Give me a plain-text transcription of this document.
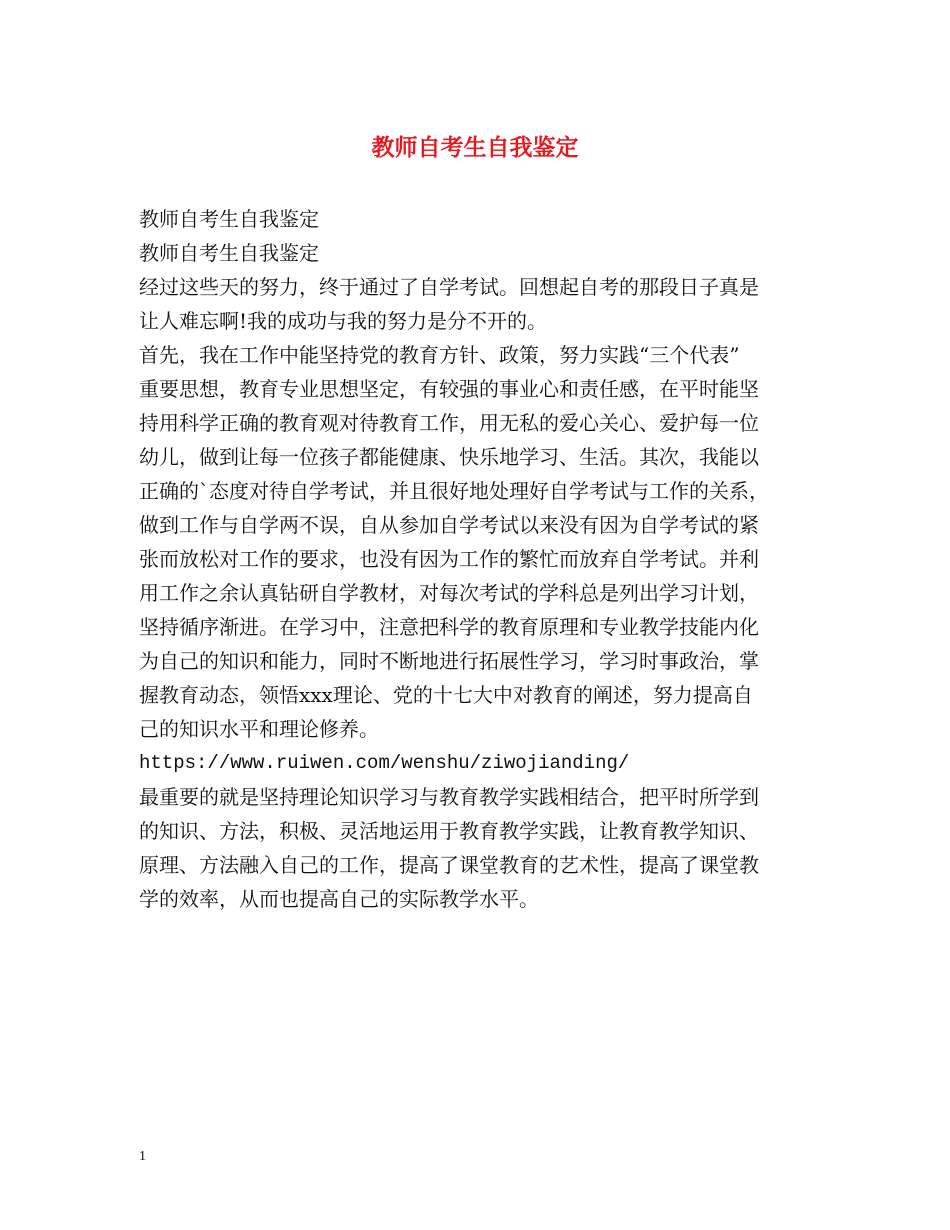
教师自考生自我鉴定
教师自考生自我鉴定
教师自考生自我鉴定
经过这些天的努力，终于通过了自学考试。回想起自考的那段日子真是
让人难忘啊!我的成功与我的努力是分不开的。
首先，我在工作中能坚持党的教育方针、政策，努力实践“三个代表”
重要思想，教育专业思想坚定，有较强的事业心和责任感，在平时能坚
持用科学正确的教育观对待教育工作，用无私的爱心关心、爱护每一位
幼儿，做到让每一位孩子都能健康、快乐地学习、生活。其次，我能以
正确的`态度对待自学考试，并且很好地处理好自学考试与工作的关系，
做到工作与自学两不误，自从参加自学考试以来没有因为自学考试的紧
张而放松对工作的要求，也没有因为工作的繁忙而放弃自学考试。并利
用工作之余认真钻研自学教材，对每次考试的学科总是列出学习计划，
坚持循序渐进。在学习中，注意把科学的教育原理和专业教学技能内化
为自己的知识和能力，同时不断地进行拓展性学习，学习时事政治，掌
握教育动态，领悟xxx理论、党的十七大中对教育的阐述，努力提高自
己的知识水平和理论修养。
https://www.ruiwen.com/wenshu/ziwojianding/
最重要的就是坚持理论知识学习与教育教学实践相结合，把平时所学到
的知识、方法，积极、灵活地运用于教育教学实践，让教育教学知识、
原理、方法融入自己的工作，提高了课堂教育的艺术性，提高了课堂教
学的效率，从而也提高自己的实际教学水平。
1
